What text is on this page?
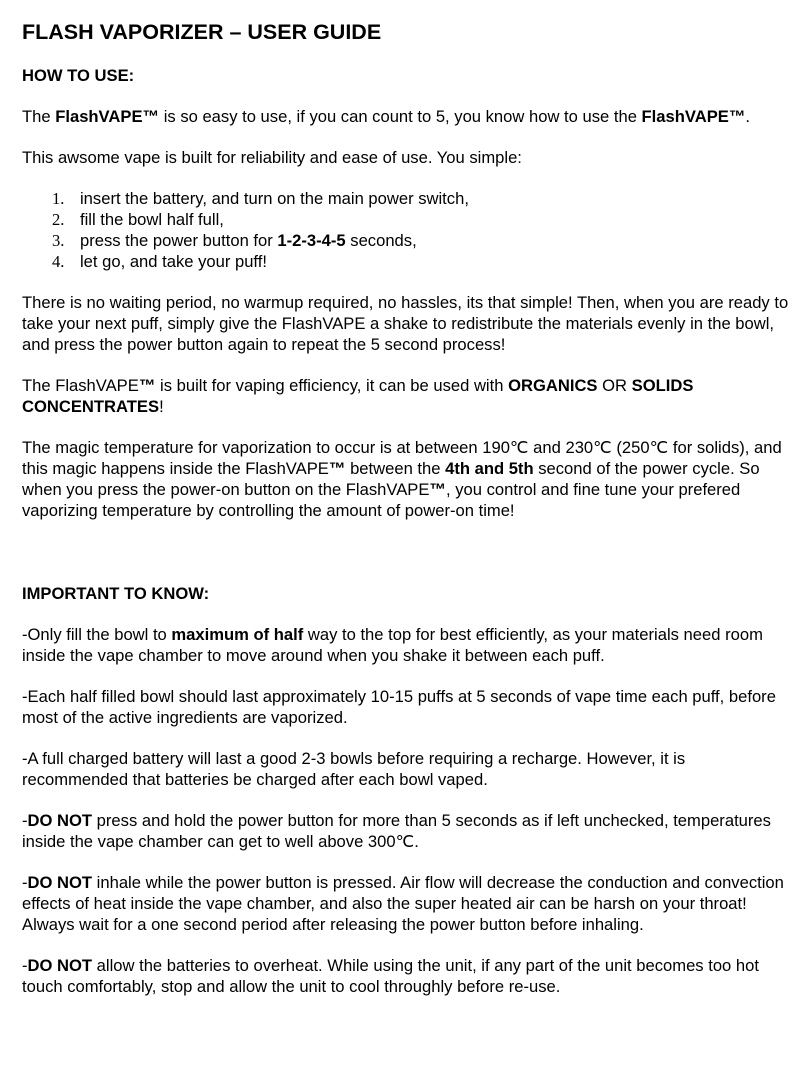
FLASH VAPORIZER – USER GUIDE
HOW TO USE:

The FlashVAPE™ is so easy to use, if you can count to 5, you know how to use the FlashVAPE™.

This awsome vape is built for reliability and ease of use. You simple:

1. insert the battery, and turn on the main power switch,
2. fill the bowl half full,
3. press the power button for 1-2-3-4-5 seconds,
4. let go, and take your puff!

There is no waiting period, no warmup required, no hassles, its that simple! Then, when you are ready to take your next puff, simply give the FlashVAPE a shake to redistribute the materials evenly in the bowl, and press the power button again to repeat the 5 second process!

The FlashVAPE™ is built for vaping efficiency, it can be used with ORGANICS OR SOLIDS CONCENTRATES!

The magic temperature for vaporization to occur is at between 190℃ and 230℃ (250℃ for solids), and this magic happens inside the FlashVAPE™ between the 4th and 5th second of the power cycle. So when you press the power-on button on the FlashVAPE™, you control and fine tune your prefered vaporizing temperature by controlling the amount of power-on time!

IMPORTANT TO KNOW:

-Only fill the bowl to maximum of half way to the top for best efficiently, as your materials need room inside the vape chamber to move around when you shake it between each puff.

-Each half filled bowl should last approximately 10-15 puffs at 5 seconds of vape time each puff, before most of the active ingredients are vaporized.

-A full charged battery will last a good 2-3 bowls before requiring a recharge. However, it is recommended that batteries be charged after each bowl vaped.

-DO NOT press and hold the power button for more than 5 seconds as if left unchecked, temperatures inside the vape chamber can get to well above 300℃.

-DO NOT inhale while the power button is pressed. Air flow will decrease the conduction and convection effects of heat inside the vape chamber, and also the super heated air can be harsh on your throat! Always wait for a one second period after releasing the power button before inhaling.

-DO NOT allow the batteries to overheat. While using the unit, if any part of the unit becomes too hot touch comfortably, stop and allow the unit to cool throughly before re-use.
